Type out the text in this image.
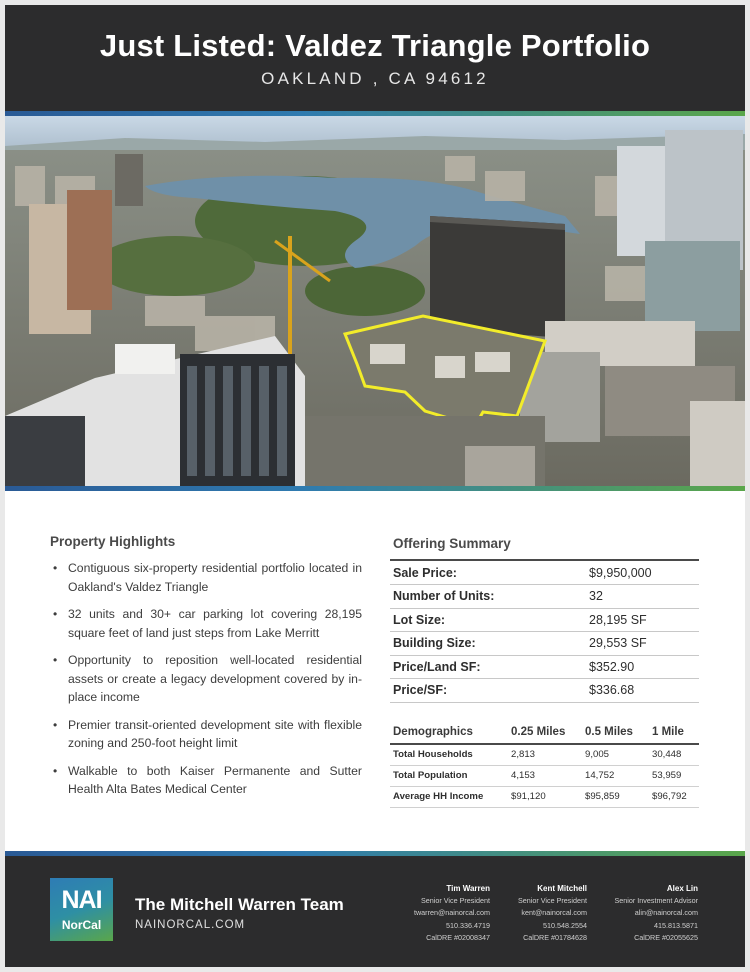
Just Listed: Valdez Triangle Portfolio
OAKLAND , CA 94612
Property Highlights
• Contiguous six-property residential portfolio located in Oakland's Valdez Triangle
• 32 units and 30+ car parking lot covering 28,195 square feet of land just steps from Lake Merritt
• Opportunity to reposition well-located residential assets or create a legacy development covered by in-place income
• Premier transit-oriented development site with flexible zoning and 250-foot height limit
• Walkable to both Kaiser Permanente and Sutter Health Alta Bates Medical Center
Offering Summary
Sale Price:	$9,950,000
Number of Units:	32
Lot Size:	28,195 SF
Building Size:	29,553 SF
Price/Land SF:	$352.90
Price/SF:	$336.68
Demographics	0.25 Miles	0.5 Miles	1 Mile
Total Households	2,813	9,005	30,448
Total Population	4,153	14,752	53,959
Average HH Income	$91,120	$95,859	$96,792
NAI
NorCal
The Mitchell Warren Team
NAINORCAL.COM
Tim Warren
Senior Vice President
twarren@nainorcal.com
510.336.4719
CalDRE #02008347
Kent Mitchell
Senior Vice President
kent@nainorcal.com
510.548.2554
CalDRE #01784628
Alex Lin
Senior Investment Advisor
alin@nainorcal.com
415.813.5871
CalDRE #02055625
